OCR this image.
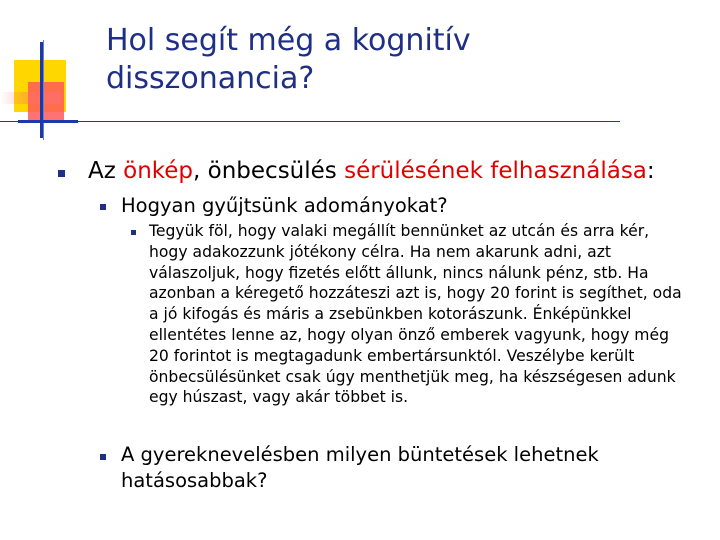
Hol segít még a kognitív
disszonancia?
Az önkép, önbecsülés sérülésének felhasználása:
Hogyan gyűjtsünk adományokat?
Tegyük föl, hogy valaki megállít bennünket az utcán és arra kér, hogy adakozzunk jótékony célra. Ha nem akarunk adni, azt válaszoljuk, hogy fizetés előtt állunk, nincs nálunk pénz, stb. Ha azonban a kéregető hozzáteszi azt is, hogy 20 forint is segíthet, oda a jó kifogás és máris a zsebünkben kotorászunk. Énképünkkel ellentétes lenne az, hogy olyan önző emberek vagyunk, hogy még 20 forintot is megtagadunk embertársunktól. Veszélybe került önbecsülésünket csak úgy menthetjük meg, ha készségesen adunk egy húszast, vagy akár többet is.
A gyereknevelésben milyen büntetések lehetnek hatásosabbak?
